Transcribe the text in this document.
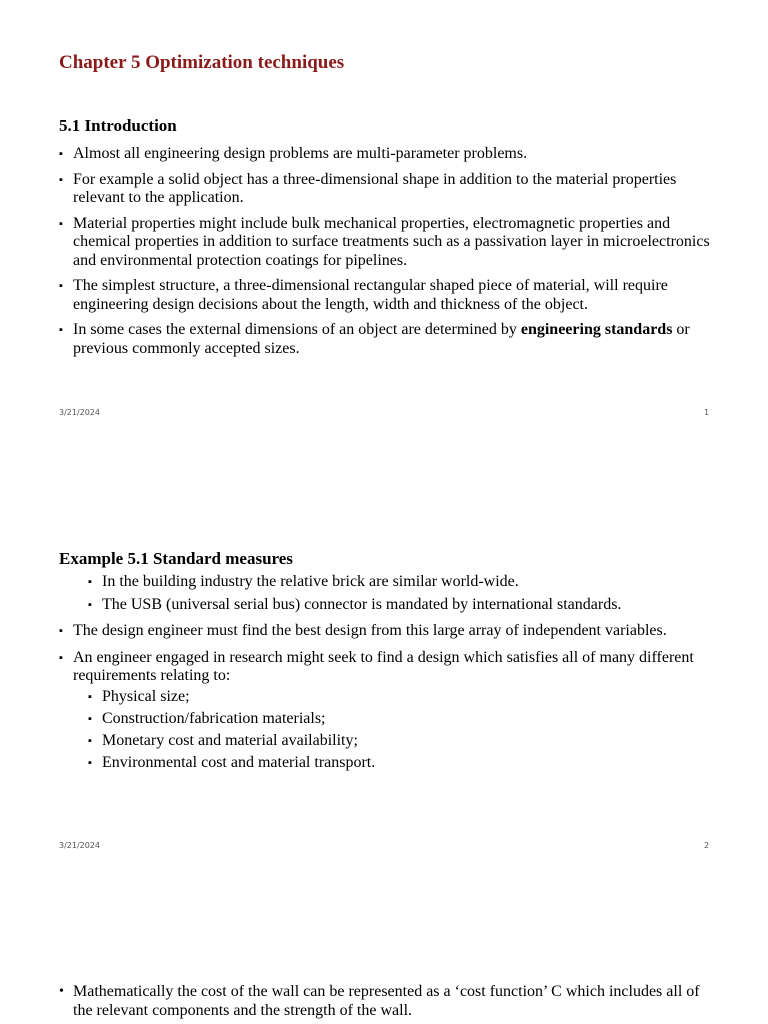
Chapter 5 Optimization techniques
5.1 Introduction
▪ Almost all engineering design problems are multi-parameter problems.
▪ For example a solid object has a three-dimensional shape in addition to the material properties relevant to the application.
▪ Material properties might include bulk mechanical properties, electromagnetic properties and chemical properties in addition to surface treatments such as a passivation layer in microelectronics and environmental protection coatings for pipelines.
▪ The simplest structure, a three-dimensional rectangular shaped piece of material, will require engineering design decisions about the length, width and thickness of the object.
▪ In some cases the external dimensions of an object are determined by engineering standards or previous commonly accepted sizes.
3/21/2024	1
Example 5.1 Standard measures
▪ In the building industry the relative brick are similar world-wide.
▪ The USB (universal serial bus) connector is mandated by international standards.
▪ The design engineer must find the best design from this large array of independent variables.
▪ An engineer engaged in research might seek to find a design which satisfies all of many different requirements relating to:
▪ Physical size;
▪ Construction/fabrication materials;
▪ Monetary cost and material availability;
▪ Environmental cost and material transport.
3/21/2024	2
• Mathematically the cost of the wall can be represented as a ‘cost function’ C which includes all of the relevant components and the strength of the wall.
